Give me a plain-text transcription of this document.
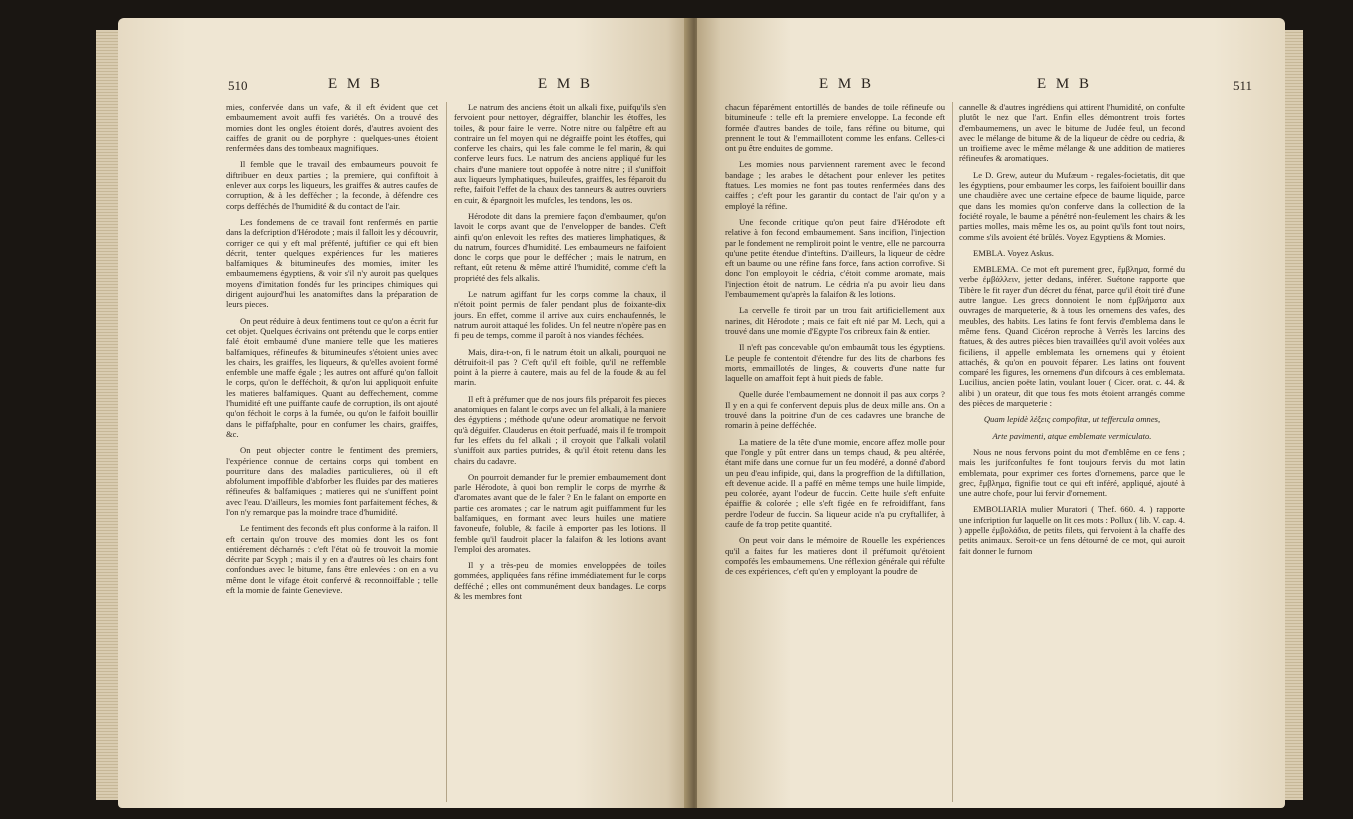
510	E M B	E M B

mies, confervée dans un vafe, & il eft évident que cet embaumement avoit auffi fes variétés. On a trouvé des momies dont les ongles étoient dorés, d'autres avoient des caiffes de granit ou de porphyre : quelques-unes étoient renfermées dans des tombeaux magnifiques.

Il femble que le travail des embaumeurs pouvoit fe diftribuer en deux parties ; la premiere, qui confiftoit à enlever aux corps les liqueurs, les graiffes & autres caufes de corruption, & à les deffécher ; la feconde, à défendre ces corps defféchés de l'humidité & du contact de l'air.

Les fondemens de ce travail font renfermés en partie dans la defcription d'Hérodote ; mais il falloit les y découvrir, corriger ce qui y eft mal préfenté, juftifier ce qui eft bien décrit, tenter quelques expériences fur les matieres balfamiques & bitumineufes des momies, imiter les embaumemens égyptiens, & voir s'il n'y auroit pas quelques moyens d'imitation fondés fur les principes chimiques qui dirigent aujourd'hui les anatomiftes dans la préparation de leurs pieces.

On peut réduire à deux fentimens tout ce qu'on a écrit fur cet objet. Quelques écrivains ont prétendu que le corps entier falé étoit embaumé d'une maniere telle que les matieres balfamiques, réfineufes & bitumineufes s'étoient unies avec les chairs, les graiffes, les liqueurs, & qu'elles avoient formé enfemble une maffe égale ; les autres ont affuré qu'on falloit le corps, qu'on le defféchoit, & qu'on lui appliquoit enfuite les matieres balfamiques. Quant au deffechement, comme l'humidité eft une puiffante caufe de corruption, ils ont ajouté qu'on féchoit le corps à la fumée, ou qu'on le faifoit bouillir dans le piffafphalte, pour en confumer les chairs, graiffes, &c.

On peut objecter contre le fentiment des premiers, l'expérience connue de certains corps qui tombent en pourriture dans des maladies particulieres, où il eft abfolument impoffible d'abforber les fluides par des matieres réfineufes & balfamiques ; matieres qui ne s'uniffent point avec l'eau. D'ailleurs, les momies font parfaitement féches, & l'on n'y remarque pas la moindre trace d'humidité.

Le fentiment des feconds eft plus conforme à la raifon. Il eft certain qu'on trouve des momies dont les os font entiérement décharnés : c'eft l'état où fe trouvoit la momie décrite par Scyph ; mais il y en a d'autres où les chairs font confondues avec le bitume, fans être enlevées : on en a vu même dont le vifage étoit confervé & reconnoiffable ; telle eft la momie de fainte Genevieve.

Le natrum des anciens étoit un alkali fixe, puifqu'ils s'en fervoient pour nettoyer, dégraiffer, blanchir les étoffes, les toiles, & pour faire le verre. Notre nitre ou falpêtre eft au contraire un fel moyen qui ne dégraiffe point les étoffes, qui conferve les chairs, qui les fale comme le fel marin, & qui conferve leurs fucs. Le natrum des anciens appliqué fur les chairs d'une maniere tout oppofée à notre nitre ; il s'uniffoit aux liqueurs lymphatiques, huileufes, graiffes, les féparoit du refte, faifoit l'effet de la chaux des tanneurs & autres ouvriers en cuir, & épargnoit les mufcles, les tendons, les os.

Hérodote dit dans la premiere façon d'embaumer, qu'on lavoit le corps avant que de l'envelopper de bandes. C'eft ainfi qu'on enlevoit les reftes des matieres limphatiques, & du natrum, fources d'humidité. Les embaumeurs ne faifoient donc le corps que pour le deffécher ; mais le natrum, en reftant, eût retenu & même attiré l'humidité, comme c'eft la propriété des fels alkalis.

Le natrum agiffant fur les corps comme la chaux, il n'étoit point permis de faler pendant plus de foixante-dix jours. En effet, comme il arrive aux cuirs enchaufennés, le natrum auroit attaqué les folides. Un fel neutre n'opère pas en fi peu de temps, comme il paroît à nos viandes féchées.

Mais, dira-t-on, fi le natrum étoit un alkali, pourquoi ne détruifoit-il pas ? C'eft qu'il eft foible, qu'il ne reffemble point à la pierre à cautere, mais au fel de la foude & au fel marin.

Il eft à préfumer que de nos jours fils préparoit fes pieces anatomiques en falant le corps avec un fel alkali, à la maniere des égyptiens ; méthode qu'une odeur aromatique ne fervoit qu'à déguifer. Clauderus en étoit perfuadé, mais il fe trompoit fur les effets du fel alkali ; il croyoit que l'alkali volatil s'uniffoit aux parties putrides, & qu'il étoit retenu dans les chairs du cadavre.

On pourroit demander fur le premier embaumement dont parle Hérodote, à quoi bon remplir le corps de myrrhe & d'aromates avant que de le faler ? En le falant on emporte en partie ces aromates ; car le natrum agit puiffamment fur les balfamiques, en formant avec leurs huiles une matiere favoneufe, foluble, & facile à emporter pas les lotions. Il femble qu'il faudroit placer la falaifon & les lotions avant l'emploi des aromates.

Il y a très-peu de momies enveloppées de toiles gommées, appliquées fans réfine immédiatement fur le corps defféché ; elles ont communément deux bandages. Le corps & les membres font

E M B	E M B	511

chacun féparément entortillés de bandes de toile réfineufe ou bitumineufe : telle eft la premiere enveloppe. La feconde eft formée d'autres bandes de toile, fans réfine ou bitume, qui prennent le tout & l'emmaillotent comme les enfans. Celles-ci ont pu être enduites de gomme.

Les momies nous parviennent rarement avec le fecond bandage ; les arabes le détachent pour enlever les petites ftatues. Les momies ne font pas toutes renfermées dans des caiffes ; c'eft pour les garantir du contact de l'air qu'on y a employé la réfine.

Une feconde critique qu'on peut faire d'Hérodote eft relative à fon fecond embaumement. Sans incifion, l'injection par le fondement ne rempliroit point le ventre, elle ne parcourra qu'une petite étendue d'inteftins. D'ailleurs, la liqueur de cèdre eft un baume ou une réfine fans force, fans action corrofive. Si donc l'on employoit le cédria, c'étoit comme aromate, mais l'injection étoit de natrum. Le cédria n'a pu avoir lieu dans l'embaumement qu'après la falaifon & les lotions.

La cervelle fe tiroit par un trou fait artificiellement aux narines, dit Hérodote ; mais ce fait eft nié par M. Lech, qui a trouvé dans une momie d'Egypte l'os cribreux fain & entier.

Il n'eft pas concevable qu'on embaumât tous les égyptiens. Le peuple fe contentoit d'étendre fur des lits de charbons fes morts, emmaillotés de linges, & couverts d'une natte fur laquelle on amaffoit fept à huit pieds de fable.

Quelle durée l'embaumement ne donnoit il pas aux corps ? Il y en a qui fe confervent depuis plus de deux mille ans. On a trouvé dans la poitrine d'un de ces cadavres une branche de romarin à peine defféchée.

La matiere de la tête d'une momie, encore affez molle pour que l'ongle y pût entrer dans un temps chaud, & peu altérée, étant mife dans une cornue fur un feu modéré, a donné d'abord un peu d'eau infipide, qui, dans la progreffion de la diftillation, eft devenue acide. Il a paffé en même temps une huile limpide, peu colorée, ayant l'odeur de fuccin. Cette huile s'eft enfuite épaiffie & colorée ; elle s'eft figée en fe refroidiffant, fans perdre l'odeur de fuccin. Sa liqueur acide n'a pu cryftallifer, à caufe de fa trop petite quantité.

On peut voir dans le mémoire de Rouelle les expériences qu'il a faites fur les matieres dont il préfumoit qu'étoient compofés les embaumemens. Une réflexion générale qui réfulte de ces expériences, c'eft qu'en y employant la poudre de

cannelle & d'autres ingrédiens qui attirent l'humidité, on confulte plutôt le nez que l'art. Enfin elles démontrent trois fortes d'embaumemens, un avec le bitume de Judée feul, un fecond avec le mélange de bitume & de la liqueur de cèdre ou cedria, & un troifieme avec le même mélange & une addition de matieres réfineufes & aromatiques.

Le D. Grew, auteur du Mufæum - regales-focietatis, dit que les égyptiens, pour embaumer les corps, les faifoient bouillir dans une chaudière avec une certaine efpece de baume liquide, parce que dans les momies qu'on conferve dans la collection de la fociété royale, le baume a pénétré non-feulement les chairs & les parties molles, mais même les os, au point qu'ils font tout noirs, comme s'ils avoient été brûlés. Voyez Egyptiens & Momies.

EMBLA. Voyez Askus.

EMBLEMA. Ce mot eft purement grec, ἔμβλημα, formé du verbe ἐμβάλλειν, jetter dedans, inférer. Suétone rapporte que Tibère le fit rayer d'un décret du fénat, parce qu'il étoit tiré d'une autre langue. Les grecs donnoient le nom ἐμβλήματα aux ouvrages de marqueterie, & à tous les ornemens des vafes, des meubles, des habits. Les latins fe font fervis d'emblema dans le même fens. Quand Cicéron reproche à Verrès les larcins des ftatues, & des autres pièces bien travaillées qu'il avoit volées aux ficiliens, il appelle emblemata les ornemens qui y étoient attachés, & qu'on en pouvoit féparer. Les latins ont fouvent comparé les figures, les ornemens d'un difcours à ces emblemata. Lucilius, ancien poëte latin, voulant louer ( Cicer. orat. c. 44. & alibi ) un orateur, dit que tous fes mots étoient arrangés comme des pièces de marqueterie :

Quam lepidè λέξεις compofitæ, ut teffercula omnes,

Arte pavimenti, atque emblemate vermiculato.

Nous ne nous fervons point du mot d'emblême en ce fens ; mais les jurifconfultes fe font toujours fervis du mot latin emblemata, pour exprimer ces fortes d'ornemens, parce que le grec, ἔμβλημα, fignifie tout ce qui eft inféré, appliqué, ajouté à une autre chofe, pour lui fervir d'ornement.

EMBOLIARIA mulier Muratori ( Thef. 660. 4. ) rapporte une infcription fur laquelle on lit ces mots : Pollux ( lib. V. cap. 4. ) appelle ἐμβολάδια, de petits filets, qui fervoient à la chaffe des petits animaux. Seroit-ce un fens détourné de ce mot, qui auroit fait donner le furnom
